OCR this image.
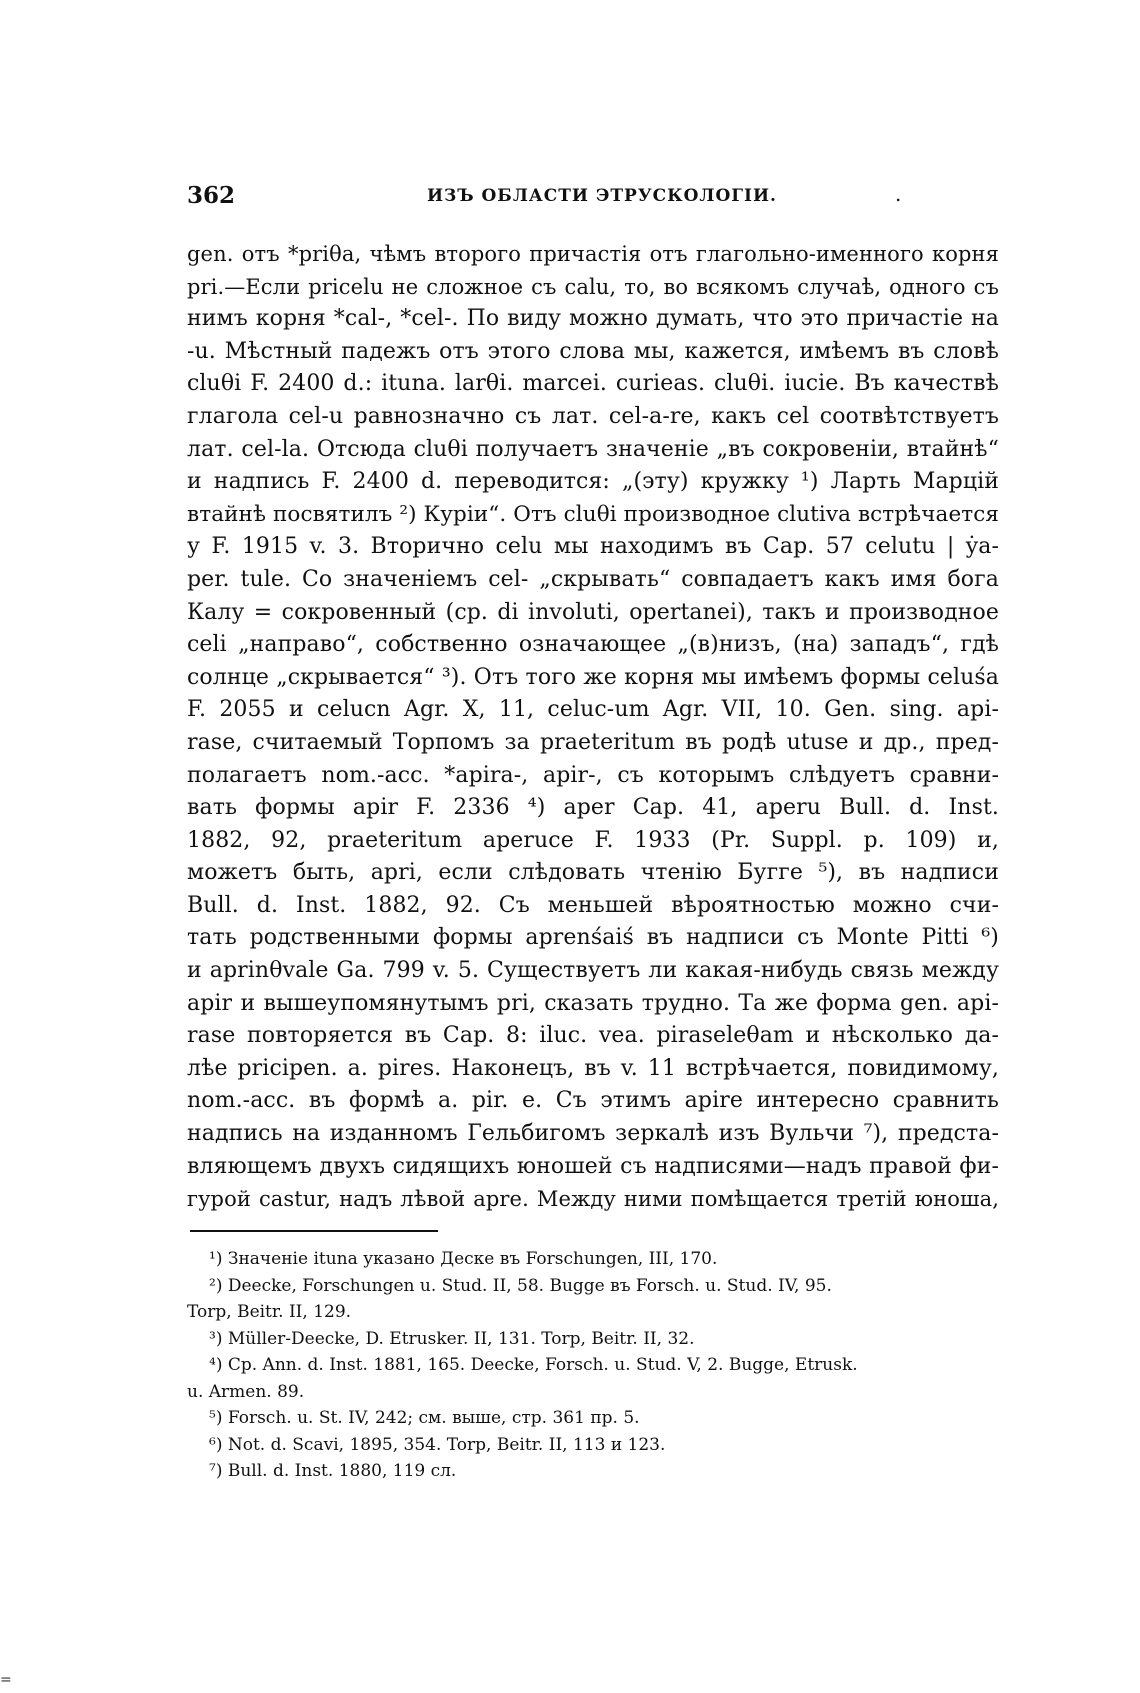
362	ИЗЪ ОБЛАСТИ ЭТРУСКОЛОГІИ.	.
gen. отъ *priθa, чѣмъ второго причастія отъ глагольно-именного корня
pri.—Если pricelu не сложное съ calu, то, во всякомъ случаѣ, одного съ
нимъ корня *cal-, *cel-. По виду можно думать, что это причастіе на
-u. Мѣстный падежъ отъ этого слова мы, кажется, имѣемъ въ словѣ
cluθi F. 2400 d.: ituna. larθi. marcei. curieas. cluθi. iucie. Въ качествѣ
глагола cel-u равнозначно съ лат. cel-a-re, какъ cel соотвѣтствуетъ
лат. cel-la. Отсюда cluθi получаетъ значеніе „въ сокровеніи, втайнѣ“
и надпись F. 2400 d. переводится: „(эту) кружку ¹) Ларть Марцій
втайнѣ посвятилъ ²) Куріи“. Отъ cluθi производное clutiva встрѣчается
у F. 1915 v. 3. Вторично celu мы находимъ въ Cap. 57 celutu | ẏa-
per. tule. Со значеніемъ cel- „скрывать“ совпадаетъ какъ имя бога
Калу = сокровенный (ср. di involuti, opertanei), такъ и производное
celi „направо“, собственно означающее „(в)низъ, (на) западъ“, гдѣ
солнце „скрывается“ ³). Отъ того же корня мы имѣемъ формы celuśa
F. 2055 и celucn Agr. X, 11, celuc-um Agr. VII, 10. Gen. sing. api-
rase, считаемый Торпомъ за praeteritum въ родѣ utuse и др., пред-
полагаетъ nom.-acc. *apira-, apir-, съ которымъ слѣдуетъ сравни-
вать формы apir F. 2336 ⁴) aper Cap. 41, aperu Bull. d. Inst.
1882, 92, praeteritum aperuce F. 1933 (Pr. Suppl. p. 109) и,
можетъ быть, apri, если слѣдовать чтенію Бугге ⁵), въ надписи
Bull. d. Inst. 1882, 92. Съ меньшей вѣроятностью можно счи-
тать родственными формы aprenśaiś въ надписи съ Monte Pitti ⁶)
и aprinθvale Ga. 799 v. 5. Существуетъ ли какая-нибудь связь между
apir и вышеупомянутымъ pri, сказать трудно. Та же форма gen. api-
rase повторяется въ Cap. 8: iluc. vea. piraseleθam и нѣсколько да-
лѣе pricipen. a. pires. Наконецъ, въ v. 11 встрѣчается, повидимому,
nom.-acc. въ формѣ a. pir. e. Съ этимъ apire интересно сравнить
надпись на изданномъ Гельбигомъ зеркалѣ изъ Вульчи ⁷), предста-
вляющемъ двухъ сидящихъ юношей съ надписями—надъ правой фи-
гурой castur, надъ лѣвой apre. Между ними помѣщается третій юноша,
¹) Значеніе ituna указано Деске въ Forschungen, III, 170.
²) Deecke, Forschungen u. Stud. II, 58. Bugge въ Forsch. u. Stud. IV, 95.
Torp, Beitr. II, 129.
³) Müller-Deecke, D. Etrusker. II, 131. Torp, Beitr. II, 32.
⁴) Ср. Ann. d. Inst. 1881, 165. Deecke, Forsch. u. Stud. V, 2. Bugge, Etrusk.
u. Armen. 89.
⁵) Forsch. u. St. IV, 242; см. выше, стр. 361 пр. 5.
⁶) Not. d. Scavi, 1895, 354. Torp, Beitr. II, 113 и 123.
⁷) Bull. d. Inst. 1880, 119 сл.
=
